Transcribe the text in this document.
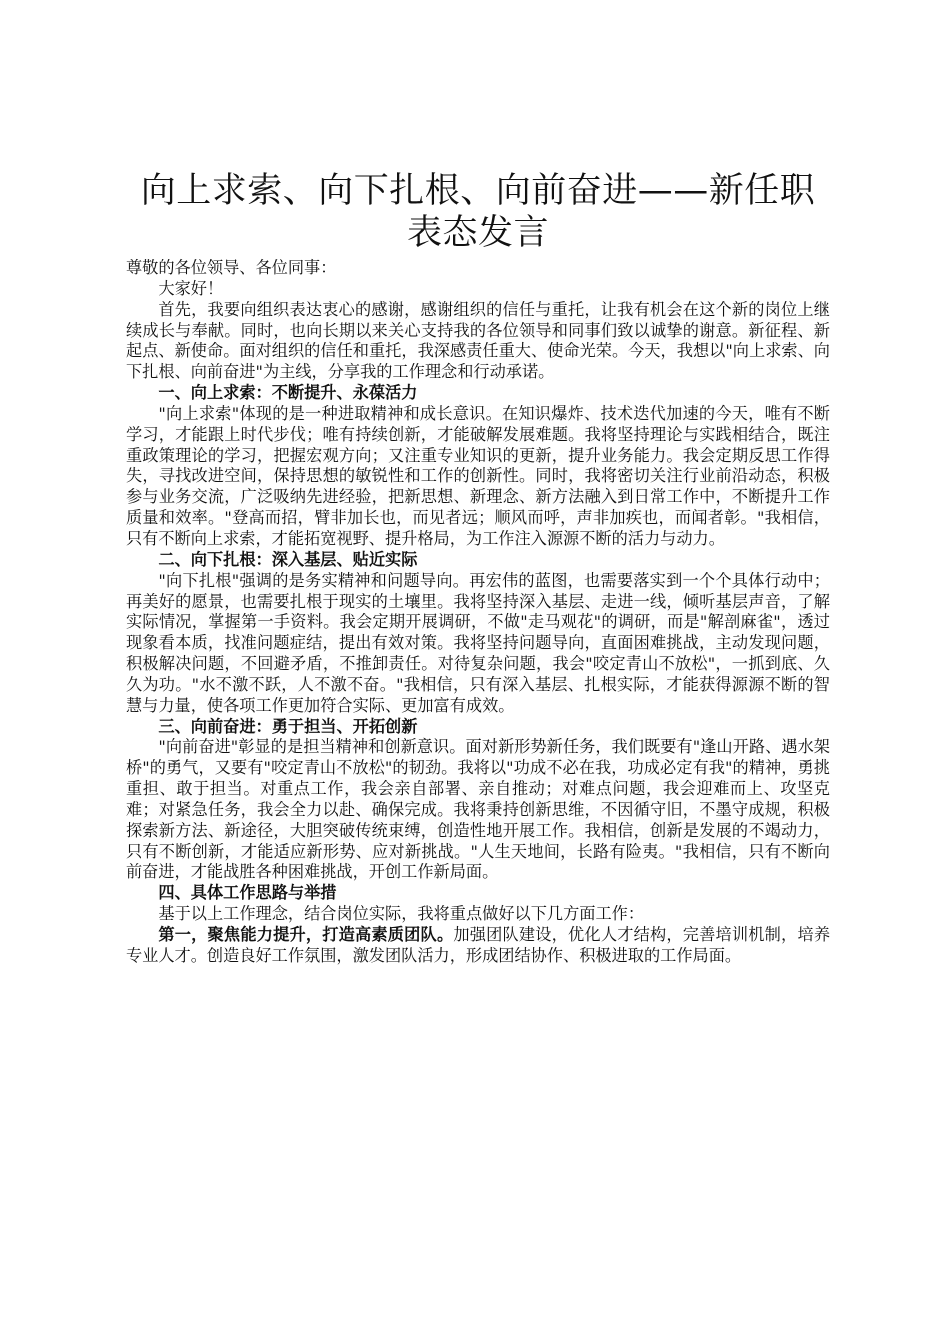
向上求索、向下扎根、向前奋进——新任职表态发言

尊敬的各位领导、各位同事：

大家好！

首先，我要向组织表达衷心的感谢，感谢组织的信任与重托，让我有机会在这个新的岗位上继续成长与奉献。同时，也向长期以来关心支持我的各位领导和同事们致以诚挚的谢意。新征程、新起点、新使命。面对组织的信任和重托，我深感责任重大、使命光荣。今天，我想以"向上求索、向下扎根、向前奋进"为主线，分享我的工作理念和行动承诺。

一、向上求索：不断提升、永葆活力

"向上求索"体现的是一种进取精神和成长意识。在知识爆炸、技术迭代加速的今天，唯有不断学习，才能跟上时代步伐；唯有持续创新，才能破解发展难题。我将坚持理论与实践相结合，既注重政策理论的学习，把握宏观方向；又注重专业知识的更新，提升业务能力。我会定期反思工作得失，寻找改进空间，保持思想的敏锐性和工作的创新性。同时，我将密切关注行业前沿动态，积极参与业务交流，广泛吸纳先进经验，把新思想、新理念、新方法融入到日常工作中，不断提升工作质量和效率。"登高而招，臂非加长也，而见者远；顺风而呼，声非加疾也，而闻者彰。"我相信，只有不断向上求索，才能拓宽视野、提升格局，为工作注入源源不断的活力与动力。

二、向下扎根：深入基层、贴近实际

"向下扎根"强调的是务实精神和问题导向。再宏伟的蓝图，也需要落实到一个个具体行动中；再美好的愿景，也需要扎根于现实的土壤里。我将坚持深入基层、走进一线，倾听基层声音，了解实际情况，掌握第一手资料。我会定期开展调研，不做"走马观花"的调研，而是"解剖麻雀"，透过现象看本质，找准问题症结，提出有效对策。我将坚持问题导向，直面困难挑战，主动发现问题，积极解决问题，不回避矛盾，不推卸责任。对待复杂问题，我会"咬定青山不放松"，一抓到底、久久为功。"水不激不跃，人不激不奋。"我相信，只有深入基层、扎根实际，才能获得源源不断的智慧与力量，使各项工作更加符合实际、更加富有成效。

三、向前奋进：勇于担当、开拓创新

"向前奋进"彰显的是担当精神和创新意识。面对新形势新任务，我们既要有"逢山开路、遇水架桥"的勇气，又要有"咬定青山不放松"的韧劲。我将以"功成不必在我，功成必定有我"的精神，勇挑重担、敢于担当。对重点工作，我会亲自部署、亲自推动；对难点问题，我会迎难而上、攻坚克难；对紧急任务，我会全力以赴、确保完成。我将秉持创新思维，不因循守旧，不墨守成规，积极探索新方法、新途径，大胆突破传统束缚，创造性地开展工作。我相信，创新是发展的不竭动力，只有不断创新，才能适应新形势、应对新挑战。"人生天地间，长路有险夷。"我相信，只有不断向前奋进，才能战胜各种困难挑战，开创工作新局面。

四、具体工作思路与举措

基于以上工作理念，结合岗位实际，我将重点做好以下几方面工作：

第一，聚焦能力提升，打造高素质团队。加强团队建设，优化人才结构，完善培训机制，培养专业人才。创造良好工作氛围，激发团队活力，形成团结协作、积极进取的工作局面。
